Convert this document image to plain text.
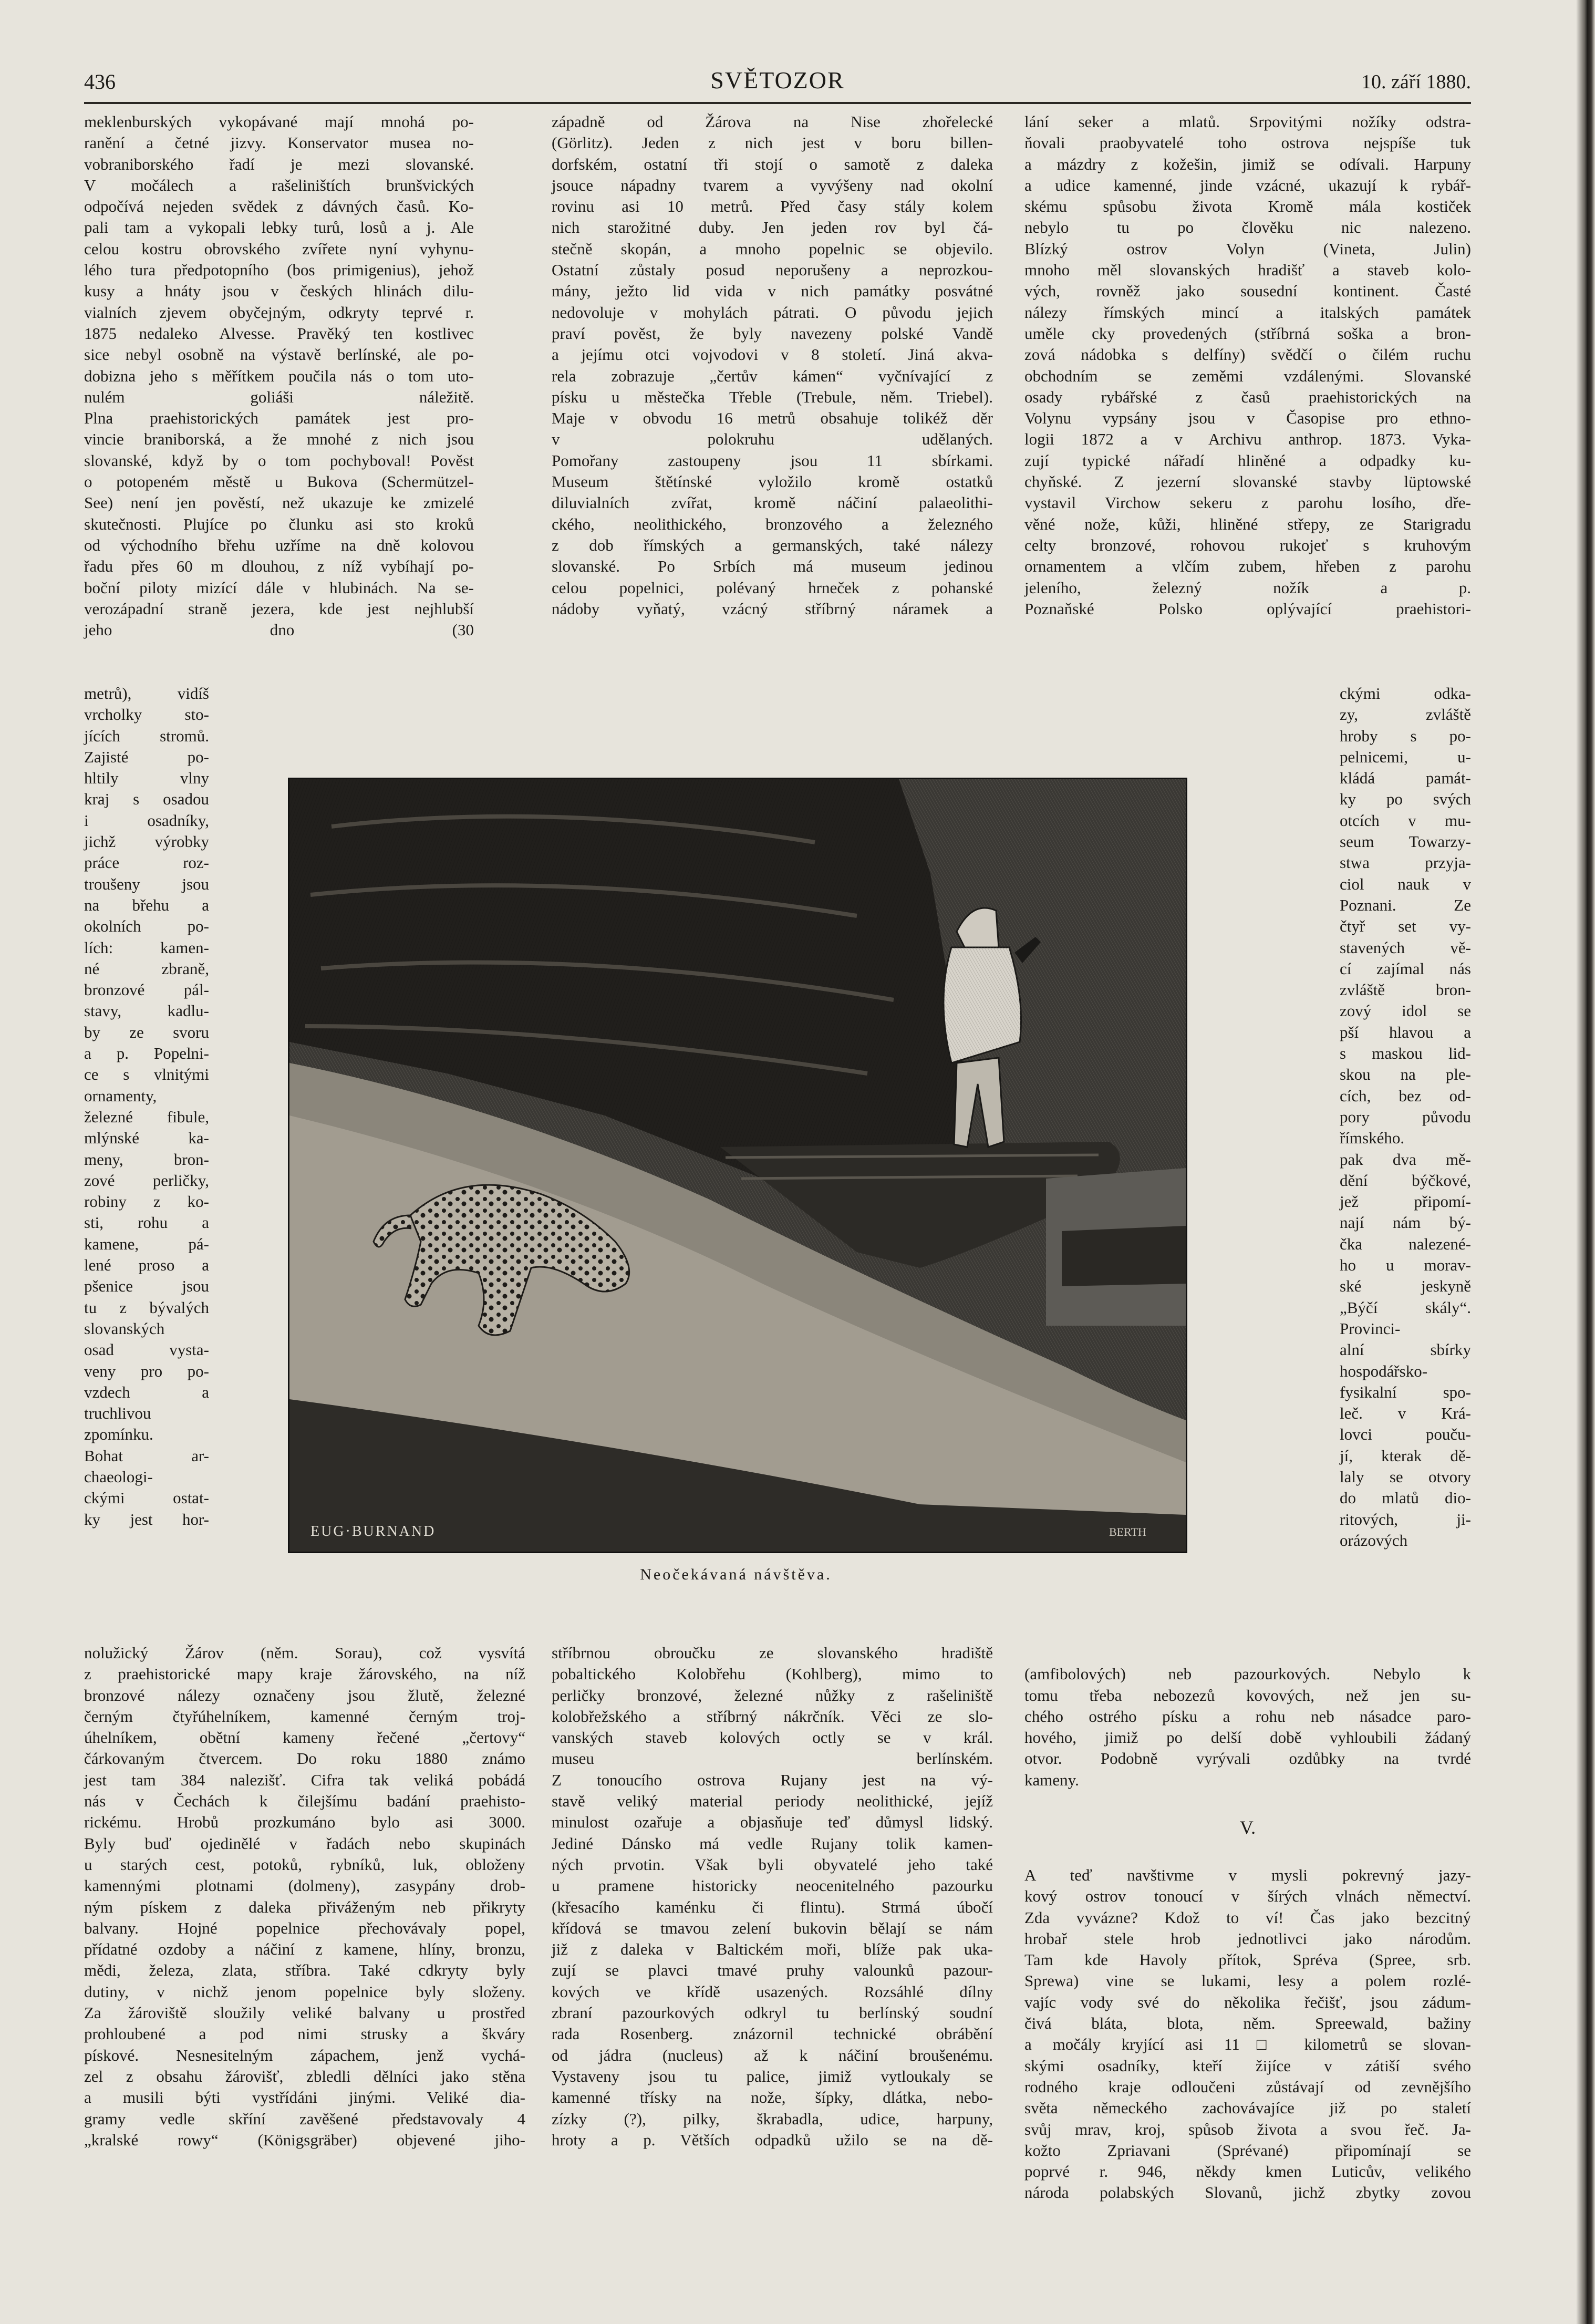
436	SVĚTOZOR	10. září 1880.
meklenburských vykopávané mají mnohá po-
ranění a četné jizvy. Konservator musea no-
vobraniborského řadí je mezi slovanské.
V močálech a rašeliništích brunšvických
odpočívá nejeden svědek z dávných časů. Ko-
pali tam a vykopali lebky turů, losů a j. Ale
celou kostru obrovského zvířete nyní vyhynu-
lého tura předpotopního (bos primigenius), jehož
kusy a hnáty jsou v českých hlinách dilu-
vialních zjevem obyčejným, odkryty teprvé r.
1875 nedaleko Alvesse. Pravěký ten kostlivec
sice nebyl osobně na výstavě berlínské, ale po-
dobizna jeho s měřítkem poučila nás o tom uto-
nulém goliáši náležitě.
Plna praehistorických památek jest pro-
vincie braniborská, a že mnohé z nich jsou
slovanské, když by o tom pochyboval! Pověst
o potopeném městě u Bukova (Schermützel-
See) není jen pověstí, než ukazuje ke zmizelé
skutečnosti. Plujíce po člunku asi sto kroků
od východního břehu uzříme na dně kolovou
řadu přes 60 m dlouhou, z níž vybíhají po-
boční piloty mizící dále v hlubinách. Na se-
verozápadní straně jezera, kde jest nejhlubší
jeho dno (30
metrů), vidíš
vrcholky sto-
jících stromů.
Zajisté po-
hltily vlny
kraj s osadou
i osadníky,
jichž výrobky
práce roz-
troušeny jsou
na břehu a
okolních po-
lích: kamen-
né zbraně,
bronzové pál-
stavy, kadlu-
by ze svoru
a p. Popelni-
ce s vlnitými
ornamenty,
železné fibule,
mlýnské ka-
meny, bron-
zové perličky,
robiny z ko-
sti, rohu a
kamene, pá-
lené proso a
pšenice jsou
tu z bývalých
slovanských
osad vysta-
veny pro po-
vzdech a
truchlivou
zpomínku.
Bohat ar-
chaeologi-
ckými ostat-
ky jest hor-
západně od Žárova na Nise zhořelecké
(Görlitz). Jeden z nich jest v boru billen-
dorfském, ostatní tři stojí o samotě z daleka
jsouce nápadny tvarem a vyvýšeny nad okolní
rovinu asi 10 metrů. Před časy stály kolem
nich starožitné duby. Jen jeden rov byl čá-
stečně skopán, a mnoho popelnic se objevilo.
Ostatní zůstaly posud neporušeny a neprozkou-
mány, ježto lid vida v nich památky posvátné
nedovoluje v mohylách pátrati. O původu jejich
praví pověst, že byly navezeny polské Vandě
a jejímu otci vojvodovi v 8 století. Jiná akva-
rela zobrazuje „čertův kámen“ vyčnívající z
písku u městečka Třeble (Trebule, něm. Triebel).
Maje v obvodu 16 metrů obsahuje tolikéž děr
v polokruhu udělaných.
Pomořany zastoupeny jsou 11 sbírkami.
Museum štětínské vyložilo kromě ostatků
diluvialních zvířat, kromě náčiní palaeolithi-
ckého, neolithického, bronzového a železného
z dob římských a germanských, také nálezy
slovanské. Po Srbích má museum jedinou
celou popelnici, polévaný hrneček z pohanské
nádoby vyňatý, vzácný stříbrný náramek a
lání seker a mlatů. Srpovitými nožíky odstra-
ňovali praobyvatelé toho ostrova nejspíše tuk
a mázdry z kožešin, jimiž se odívali. Harpuny
a udice kamenné, jinde vzácné, ukazují k rybář-
skému spůsobu života Kromě mála kostiček
nebylo tu po člověku nic nalezeno.
Blízký ostrov Volyn (Vineta, Julin)
mnoho měl slovanských hradišť a staveb kolo-
vých, rovněž jako sousední kontinent. Časté
nálezy římských mincí a italských památek
uměle cky provedených (stříbrná soška a bron-
zová nádobka s delfíny) svědčí o čilém ruchu
obchodním se zeměmi vzdálenými. Slovanské
osady rybářské z časů praehistorických na
Volynu vypsány jsou v Časopise pro ethno-
logii 1872 a v Archivu anthrop. 1873. Vyka-
zují typické nářadí hliněné a odpadky ku-
chyňské. Z jezerní slovanské stavby lüptowské
vystavil Virchow sekeru z parohu losího, dře-
věné nože, kůži, hliněné střepy, ze Starigradu
celty bronzové, rohovou rukojeť s kruhovým
ornamentem a vlčím zubem, hřeben z parohu
jeleního, železný nožík a p.
Poznaňské Polsko oplývající praehistori-
ckými odka-
zy, zvláště
hroby s po-
pelnicemi, u-
kládá památ-
ky po svých
otcích v mu-
seum Towarzy-
stwa przyja-
ciol nauk v
Poznani. Ze
čtyř set vy-
stavených vě-
cí zajímal nás
zvláště bron-
zový idol se
pší hlavou a
s maskou lid-
skou na ple-
cích, bez od-
pory původu
římského.
pak dva mě-
dění býčkové,
jež připomí-
nají nám bý-
čka nalezené-
ho u morav-
ské jeskyně
„Býčí skály“.
Provinci-
alní sbírky
hospodářsko-
fysikalní spo-
leč. v Krá-
lovci pouču-
jí, kterak dě-
laly se otvory
do mlatů dio-
ritových, ji-
orázových
EUG·BURNAND	BERTH
Neočekávaná návštěva.
nolužický Žárov (něm. Sorau), což vysvítá
z praehistorické mapy kraje žárovského, na níž
bronzové nálezy označeny jsou žlutě, železné
černým čtyřúhelníkem, kamenné černým troj-
úhelníkem, obětní kameny řečené „čertovy“
čárkovaným čtvercem. Do roku 1880 známo
jest tam 384 nalezišť. Cifra tak veliká pobádá
nás v Čechách k čilejšímu badání praehisto-
rickému. Hrobů prozkumáno bylo asi 3000.
Byly buď ojedinělé v řadách nebo skupinách
u starých cest, potoků, rybníků, luk, obloženy
kamennými plotnami (dolmeny), zasypány drob-
ným pískem z daleka přiváženým neb přikryty
balvany. Hojné popelnice přechovávaly popel,
přídatné ozdoby a náčiní z kamene, hlíny, bronzu,
mědi, železa, zlata, stříbra. Také cdkryty byly
dutiny, v nichž jenom popelnice byly složeny.
Za žároviště sloužily veliké balvany u prostřed
prohloubené a pod nimi strusky a škváry
pískové. Nesnesitelným zápachem, jenž vychá-
zel z obsahu žárovišť, zbledli dělníci jako stěna
a musili býti vystřídáni jinými. Veliké dia-
gramy vedle skříní zavěšené představovaly 4
„kralské rowy“ (Königsgräber) objevené jiho-
stříbrnou obroučku ze slovanského hradiště
pobaltického Kolobřehu (Kohlberg), mimo to
perličky bronzové, železné nůžky z rašeliniště
kolobřežského a stříbrný nákrčník. Věci ze slo-
vanských staveb kolových octly se v král.
museu berlínském.
Z tonoucího ostrova Rujany jest na vý-
stavě veliký material periody neolithické, jejíž
minulost ozařuje a objasňuje teď důmysl lidský.
Jediné Dánsko má vedle Rujany tolik kamen-
ných prvotin. Však byli obyvatelé jeho také
u pramene historicky neocenitelného pazourku
(křesacího kaménku či flintu). Strmá úbočí
křídová se tmavou zelení bukovin bělají se nám
již z daleka v Baltickém moři, blíže pak uka-
zují se plavci tmavé pruhy valounků pazour-
kových ve křídě usazených. Rozsáhlé dílny
zbraní pazourkových odkryl tu berlínský soudní
rada Rosenberg. znázornil technické obrábění
od jádra (nucleus) až k náčiní broušenému.
Vystaveny jsou tu palice, jimiž vytloukaly se
kamenné třísky na nože, šípky, dlátka, nebo-
zízky (?), pilky, škrabadla, udice, harpuny,
hroty a p. Větších odpadků užilo se na dě-

(amfibolových) neb pazourkových. Nebylo k
tomu třeba nebozezů kovových, než jen su-
chého ostrého písku a rohu neb násadce paro-
hového, jimiž po delší době vyhloubili žádaný
otvor. Podobně vyrývali ozdůbky na tvrdé
kameny.

V.

A teď navštivme v mysli pokrevný jazy-
kový ostrov tonoucí v šírých vlnách němectví.
Zda vyvázne? Kdož to ví! Čas jako bezcitný
hrobař stele hrob jednotlivci jako národům.
Tam kde Havoly přítok, Spréva (Spree, srb.
Sprewa) vine se lukami, lesy a polem rozlé-
vajíc vody své do několika řečišť, jsou zádum-
čivá bláta, blota, něm. Spreewald, bažiny
a močály kryjící asi 11□ kilometrů se slovan-
skými osadníky, kteří žijíce v zátiší svého
rodného kraje odloučeni zůstávají od zevnějšího
světa německého zachovávajíce již po staletí
svůj mrav, kroj, spůsob života a svou řeč. Ja-
kožto Zpriavani (Sprévané) připomínají se
poprvé r. 946, někdy kmen Luticův, velikého
národa polabských Slovanů, jichž zbytky zovou
